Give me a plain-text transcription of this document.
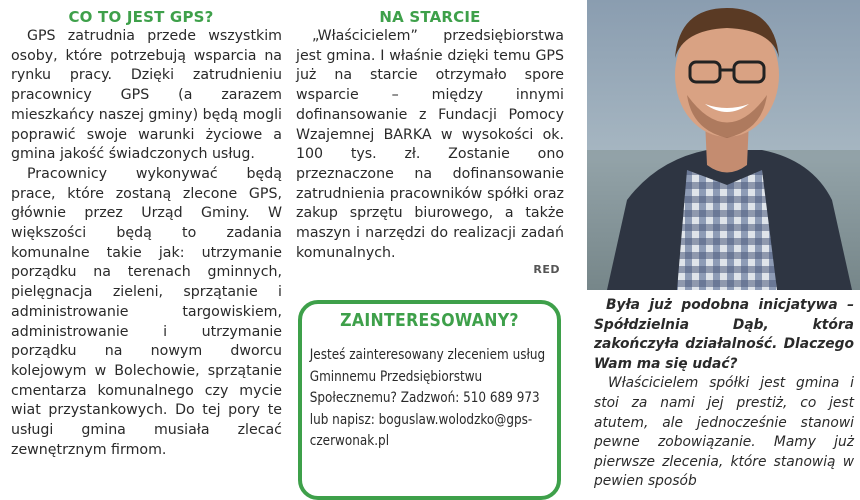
CO TO JEST GPS?

GPS zatrudnia przede wszystkim osoby, które potrzebują wsparcia na rynku pracy. Dzięki zatrudnieniu pracownicy GPS (a zarazem mieszkańcy naszej gminy) będą mogli poprawić swoje warunki życiowe a gmina jakość świadczonych usług.

Pracownicy wykonywać będą prace, które zostaną zlecone GPS, głównie przez Urząd Gminy. W większości będą to zadania komunalne takie jak: utrzymanie porządku na terenach gminnych, pielęgnacja zieleni, sprzątanie i administrowanie targowiskiem, administrowanie i utrzymanie porządku na nowym dworcu kolejowym w Bolechowie, sprzątanie cmentarza komunalnego czy mycie wiat przystankowych. Do tej pory te usługi gmina musiała zlecać zewnętrznym firmom.

NA STARCIE

„Właścicielem” przedsiębiorstwa jest gmina. I właśnie dzięki temu GPS już na starcie otrzymało spore wsparcie – między innymi dofinansowanie z Fundacji Pomocy Wzajemnej BARKA w wysokości ok. 100 tys. zł. Zostanie ono przeznaczone na dofinansowanie zatrudnienia pracowników spółki oraz zakup sprzętu biurowego, a także maszyn i narzędzi do realizacji zadań komunalnych.

RED
ZAINTERESOWANY?
Jesteś zainteresowany zleceniem usług Gminnemu Przedsiębiorstwu Społecznemu? Zadzwoń: 510 689 973 lub napisz: boguslaw.wolodzko@gps-czerwonak.pl

Była już podobna inicjatywa – Spółdzielnia Dąb, która zakończyła działalność. Dlaczego Wam ma się udać?

Właścicielem spółki jest gmina i stoi za nami jej prestiż, co jest atutem, ale jednocześnie stanowi pewne zobowiązanie. Mamy już pierwsze zlecenia, które stanowią w pewien sposób
